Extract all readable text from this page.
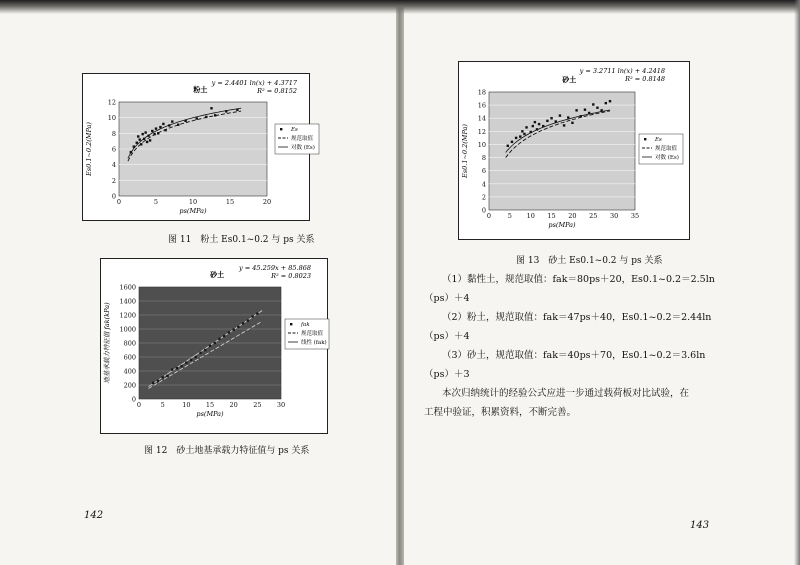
0
2
4
6
8
10
12
0	5	10	15	20
ps(MPa)
Es0.1~0.2(MPa)
粉土
y = 2.4401 ln(x) + 4.3717
R² = 0.8152
Es
规范取值
对数 (Es)
图 11　粉土 Es0.1~0.2 与 ps 关系
0
200
400
600
800
1000
1200
1400
1600
0	5	10 15 20 25 30
ps(MPa)
地基承载力特征值 fak(kPa)
砂土
y = 45.259x + 85.868
R² = 0.8023
fak
规范取值
线性 (fak)
图 12　砂土地基承载力特征值与 ps 关系
142
0
2
4
6
8
10
12
14
16
18
0	5 10 15 20 25 30 35
ps(MPa)
Es0.1~0.2(MPa)
砂土
y = 3.2711 ln(x) + 4.2418
R² = 0.8148
Es
规范取值
对数 (Es)
图 13　砂土 Es0.1~0.2 与 ps 关系
（1）黏性土，规范取值：fak＝80ps＋20，Es0.1~0.2＝2.5ln
（ps）＋4
（2）粉土，规范取值：fak＝47ps＋40，Es0.1~0.2＝2.44ln
（ps）＋4
（3）砂土，规范取值：fak＝40ps＋70，Es0.1~0.2＝3.6ln
（ps）＋3
本次归纳统计的经验公式应进一步通过载荷板对比试验，在
工程中验证，积累资料，不断完善。
143
